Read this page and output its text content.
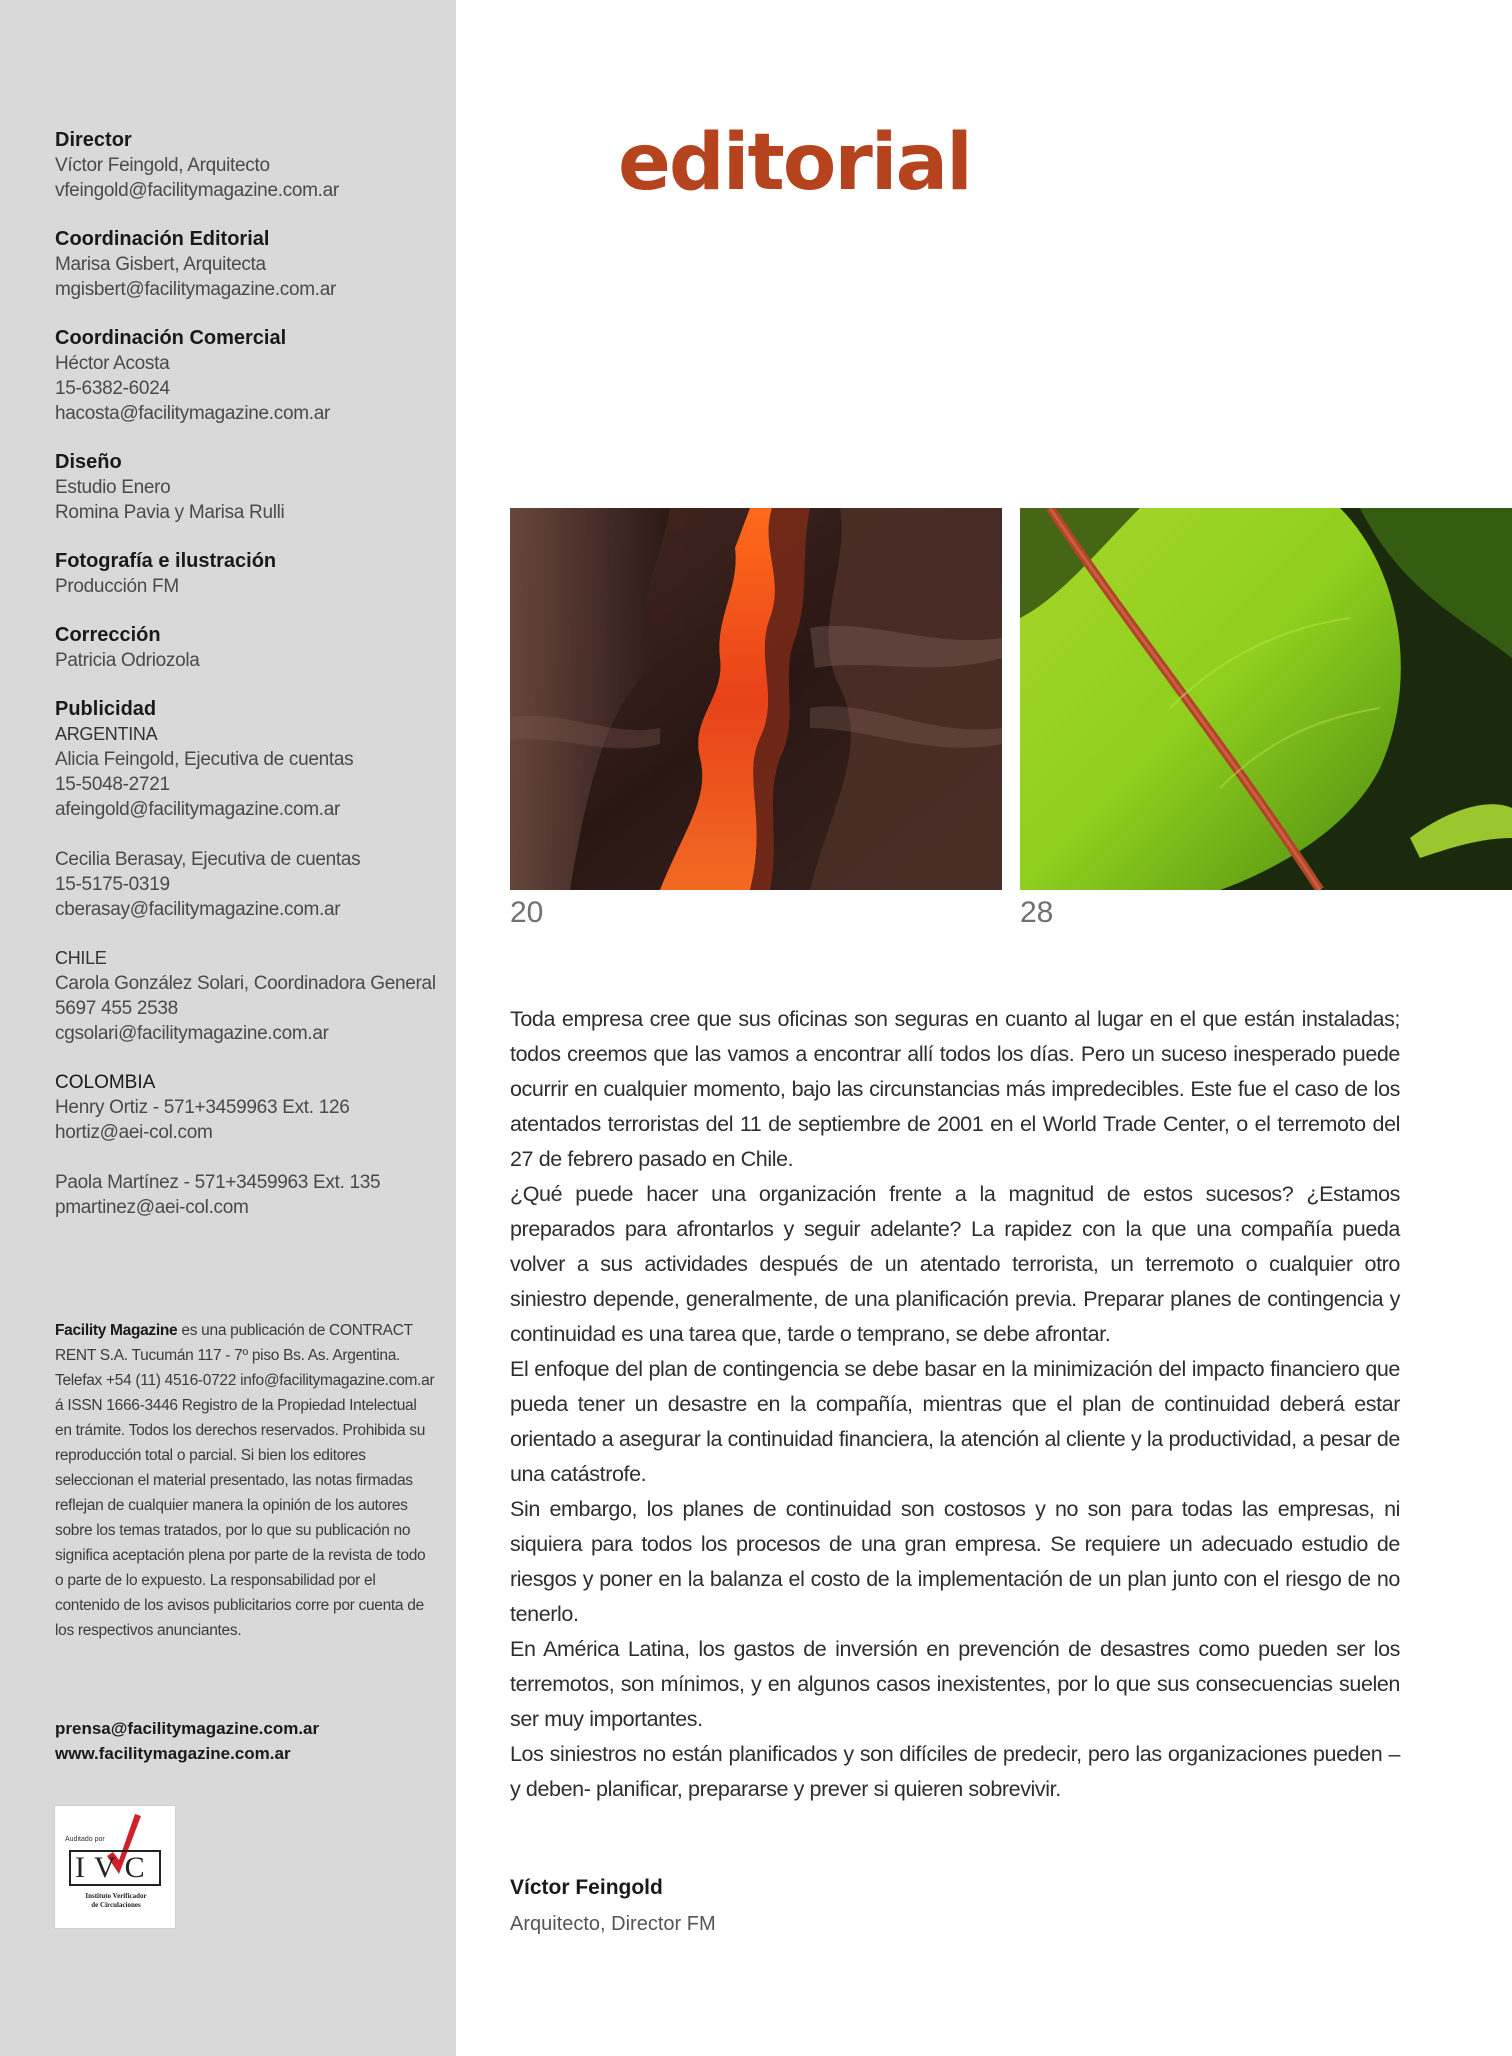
Director
Víctor Feingold, Arquitecto
vfeingold@facilitymagazine.com.ar
Coordinación Editorial
Marisa Gisbert, Arquitecta
mgisbert@facilitymagazine.com.ar
Coordinación Comercial
Héctor Acosta
15-6382-6024
hacosta@facilitymagazine.com.ar
Diseño
Estudio Enero
Romina Pavia y Marisa Rulli
Fotografía e ilustración
Producción FM
Corrección
Patricia Odriozola
Publicidad
ARGENTINA
Alicia Feingold, Ejecutiva de cuentas
15-5048-2721
afeingold@facilitymagazine.com.ar
Cecilia Berasay, Ejecutiva de cuentas
15-5175-0319
cberasay@facilitymagazine.com.ar
CHILE
Carola González Solari, Coordinadora General
5697 455 2538
cgsolari@facilitymagazine.com.ar
COLOMBIA
Henry Ortiz - 571+3459963 Ext. 126
hortiz@aei-col.com
Paola Martínez - 571+3459963 Ext. 135
pmartinez@aei-col.com
Facility Magazine es una publicación de CONTRACT RENT S.A. Tucumán 117 - 7º piso Bs. As. Argentina. Telefax +54 (11) 4516-0722 info@facilitymagazine.com.ar á ISSN 1666-3446 Registro de la Propiedad Intelectual en trámite. Todos los derechos reservados. Prohibida su reproducción total o parcial. Si bien los editores seleccionan el material presentado, las notas firmadas reflejan de cualquier manera la opinión de los autores sobre los temas tratados, por lo que su publicación no significa aceptación plena por parte de la revista de todo o parte de lo expuesto. La responsabilidad por el contenido de los avisos publicitarios corre por cuenta de los respectivos anunciantes.
prensa@facilitymagazine.com.ar
www.facilitymagazine.com.ar
Auditado por
IVC
Instituto Verificador
de Circulaciones
editorial
20	28

Toda empresa cree que sus oficinas son seguras en cuanto al lugar en el que están instaladas; todos creemos que las vamos a encontrar allí todos los días. Pero un suceso inesperado puede ocurrir en cualquier momento, bajo las circunstancias más impredecibles. Este fue el caso de los atentados terroristas del 11 de septiembre de 2001 en el World Trade Center, o el terremoto del 27 de febrero pasado en Chile.

¿Qué puede hacer una organización frente a la magnitud de estos sucesos? ¿Estamos preparados para afrontarlos y seguir adelante? La rapidez con la que una compañía pueda volver a sus actividades después de un atentado terrorista, un terremoto o cualquier otro siniestro depende, generalmente, de una planificación previa. Preparar planes de contingencia y continuidad es una tarea que, tarde o temprano, se debe afrontar.

El enfoque del plan de contingencia se debe basar en la minimización del impacto financiero que pueda tener un desastre en la compañía, mientras que el plan de continuidad deberá estar orientado a asegurar la continuidad financiera, la atención al cliente y la productividad, a pesar de una catástrofe.

Sin embargo, los planes de continuidad son costosos y no son para todas las empresas, ni siquiera para todos los procesos de una gran empresa. Se requiere un adecuado estudio de riesgos y poner en la balanza el costo de la implementación de un plan junto con el riesgo de no tenerlo.

En América Latina, los gastos de inversión en prevención de desastres como pueden ser los terremotos, son mínimos, y en algunos casos inexistentes, por lo que sus consecuencias suelen ser muy importantes.

Los siniestros no están planificados y son difíciles de predecir, pero las organizaciones pueden –y deben- planificar, prepararse y prever si quieren sobrevivir.

Víctor Feingold
Arquitecto, Director FM
